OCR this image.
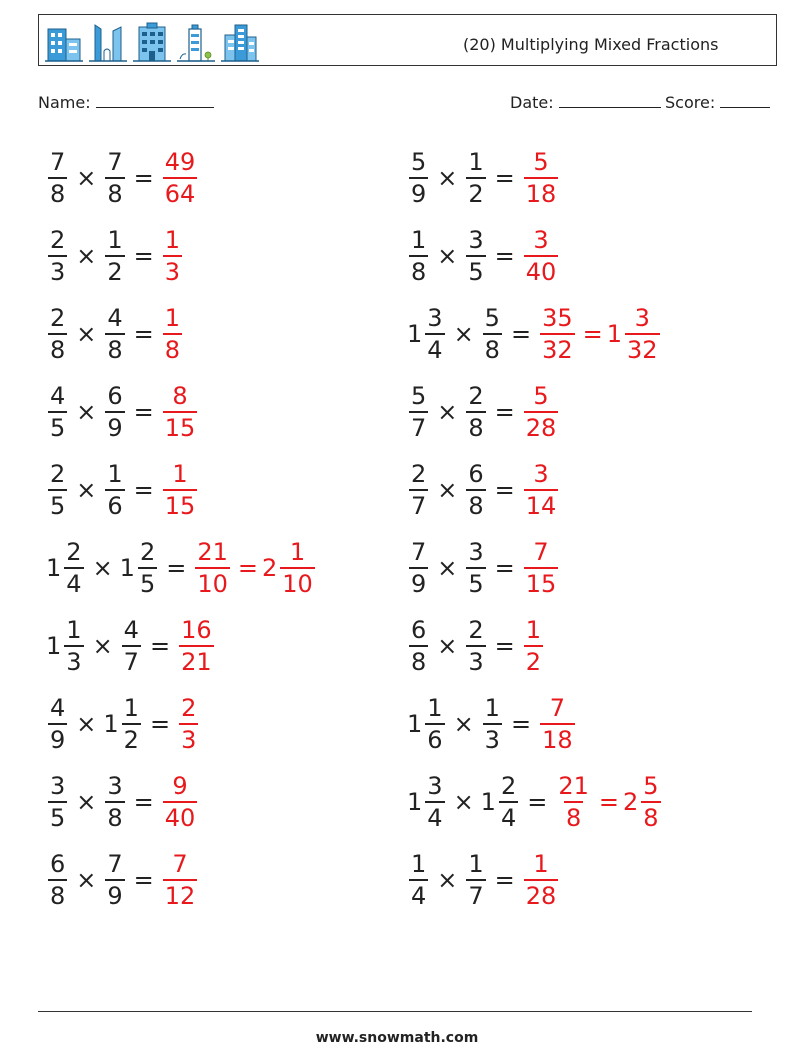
(20) Multiplying Mixed Fractions
Name:	Date:	Score:
$\frac{7}{8} \times \frac{7}{8} = \frac{49}{64}$
$\frac{2}{3} \times \frac{1}{2} = \frac{1}{3}$
$\frac{2}{8} \times \frac{4}{8} = \frac{1}{8}$
$\frac{4}{5} \times \frac{6}{9} = \frac{8}{15}$
$\frac{2}{5} \times \frac{1}{6} = \frac{1}{15}$
$1 \frac{2}{4} \times 1 \frac{2}{5} = \frac{21}{10} = 2 \frac{1}{10}$
$1 \frac{1}{3} \times \frac{4}{7} = \frac{16}{21}$
$\frac{4}{9} \times 1 \frac{1}{2} = \frac{2}{3}$
$\frac{3}{5} \times \frac{3}{8} = \frac{9}{40}$
$\frac{6}{8} \times \frac{7}{9} = \frac{7}{12}$
$\frac{5}{9} \times \frac{1}{2} = \frac{5}{18}$
$\frac{1}{8} \times \frac{3}{5} = \frac{3}{40}$
$1 \frac{3}{4} \times \frac{5}{8} = \frac{35}{32} = 1 \frac{3}{32}$
$\frac{5}{7} \times \frac{2}{8} = \frac{5}{28}$
$\frac{2}{7} \times \frac{6}{8} = \frac{3}{14}$
$\frac{7}{9} \times \frac{3}{5} = \frac{7}{15}$
$\frac{6}{8} \times \frac{2}{3} = \frac{1}{2}$
$1 \frac{1}{6} \times \frac{1}{3} = \frac{7}{18}$
$1 \frac{3}{4} \times 1 \frac{2}{4} = \frac{21}{8} = 2 \frac{5}{8}$
$\frac{1}{4} \times \frac{1}{7} = \frac{1}{28}$
www.snowmath.com
